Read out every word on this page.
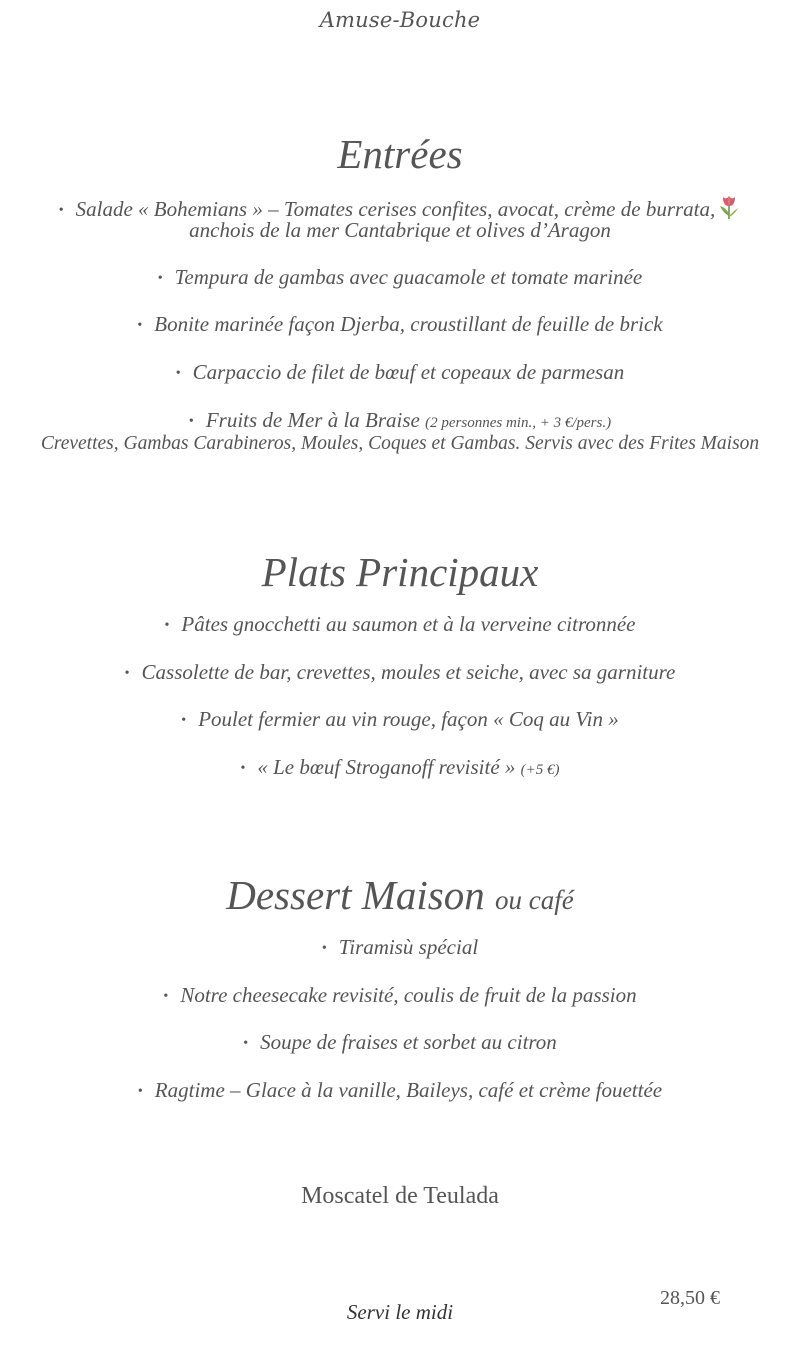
Amuse-Bouche
Entrées
• Salade « Bohemians » – Tomates cerises confites, avocat, crème de burrata,
anchois de la mer Cantabrique et olives d’Aragon
• Tempura de gambas avec guacamole et tomate marinée
• Bonite marinée façon Djerba, croustillant de feuille de brick
• Carpaccio de filet de bœuf et copeaux de parmesan
• Fruits de Mer à la Braise (2 personnes min., + 3 €/pers.)
Crevettes, Gambas Carabineros, Moules, Coques et Gambas. Servis avec des Frites Maison
Plats Principaux
• Pâtes gnocchetti au saumon et à la verveine citronnée
• Cassolette de bar, crevettes, moules et seiche, avec sa garniture
• Poulet fermier au vin rouge, façon « Coq au Vin »
• « Le bœuf Stroganoff revisité » (+5 €)
Dessert Maison ou café
• Tiramisù spécial
• Notre cheesecake revisité, coulis de fruit de la passion
• Soupe de fraises et sorbet au citron
• Ragtime – Glace à la vanille, Baileys, café et crème fouettée
Moscatel de Teulada
28,50 €
Servi le midi
